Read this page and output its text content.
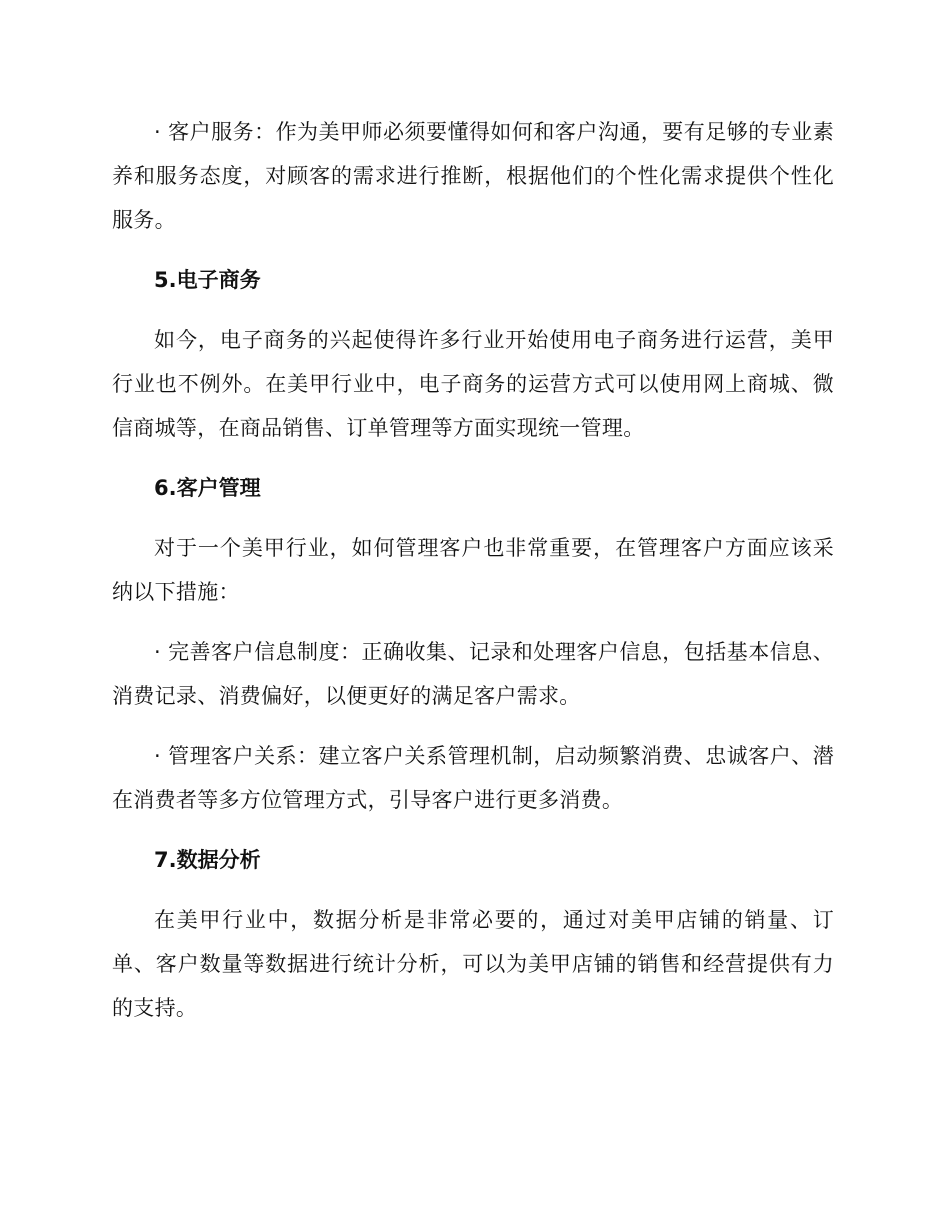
· 客户服务：作为美甲师必须要懂得如何和客户沟通，要有足够的专业素养和服务态度，对顾客的需求进行推断，根据他们的个性化需求提供个性化服务。

5.电子商务

如今，电子商务的兴起使得许多行业开始使用电子商务进行运营，美甲行业也不例外。在美甲行业中，电子商务的运营方式可以使用网上商城、微信商城等，在商品销售、订单管理等方面实现统一管理。

6.客户管理

对于一个美甲行业，如何管理客户也非常重要，在管理客户方面应该采纳以下措施：

· 完善客户信息制度：正确收集、记录和处理客户信息，包括基本信息、消费记录、消费偏好，以便更好的满足客户需求。

· 管理客户关系：建立客户关系管理机制，启动频繁消费、忠诚客户、潜在消费者等多方位管理方式，引导客户进行更多消费。

7.数据分析

在美甲行业中，数据分析是非常必要的，通过对美甲店铺的销量、订单、客户数量等数据进行统计分析，可以为美甲店铺的销售和经营提供有力的支持。
